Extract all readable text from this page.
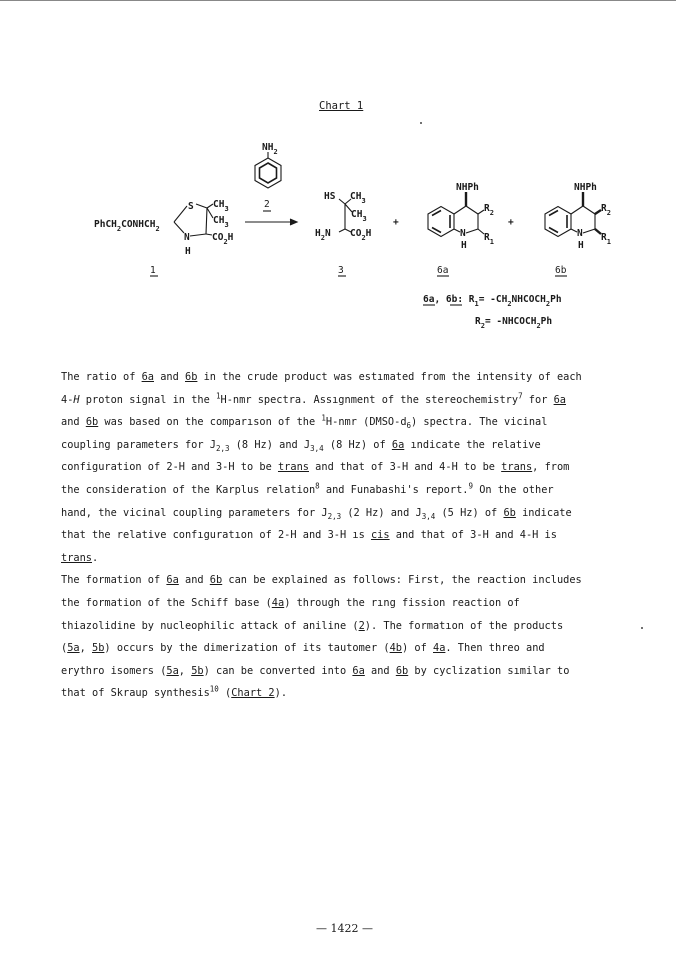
Chart 1
$NH_2$
2
$PhCH_2CONHCH_2$
S $CH_3$
$CH_3$
N
H
$CO_2H$
1
HS $CH_3$
$CH_3$
$H_2N$ $CO_2H$
3
+	+
NHPh
$R_2$
N
H
$R_1$
6a
NHPh
$R_2$
N
H
$R_1$
6b
6a, 6b: $R_1=$ $-CH_2NHCOCH_2Ph$
$R_2=$ $-NHCOCH_2Ph$
The ratio of 6a and 6b in the crude product was estımated from the intensity of each
4-H proton signal in the $^1$H-nmr spectra. Assıgnment of the stereochemistry$^7$ for 6a
and 6b was based on the comparıson of the $^1$H-nmr $(DMSO-d_6)$ spectra. The vicinal
coupling parameters for $J_{2,3}$ (8 Hz) and $J_{3,4}$ (8 Hz) of 6a ındicate the relative
configuration of 2-H and 3-H to be trans and that of 3-H and 4-H to be trans, from
the consideration of the Karplus relation$^8$ and Funabashi's report.$^9$ On the other
hand, the vicinal coupling parameters for $J_{2,3}$ (2 Hz) and $J_{3,4}$ (5 Hz) of 6b indicate
that the relative confıguratıon of 2-H and 3-H ıs cis and that of 3-H and 4-H is
trans.
The formation of 6a and 6b can be explained as follows: First, the reaction includes
the formation of the Schiff base (4a) through the rıng fission reaction of
thiazolidine by nucleophilic attack of aniline (2). The formatıon of the products
(5a, 5b) occurs by the dimerization of its tautomer (4b) of 4a. Then threo and
erythro isomers (5a, 5b) can be converted into 6a and 6b by cyclization sımilar to
that of Skraup synthesis$^{10}$ (Chart 2).
— 1422 —
